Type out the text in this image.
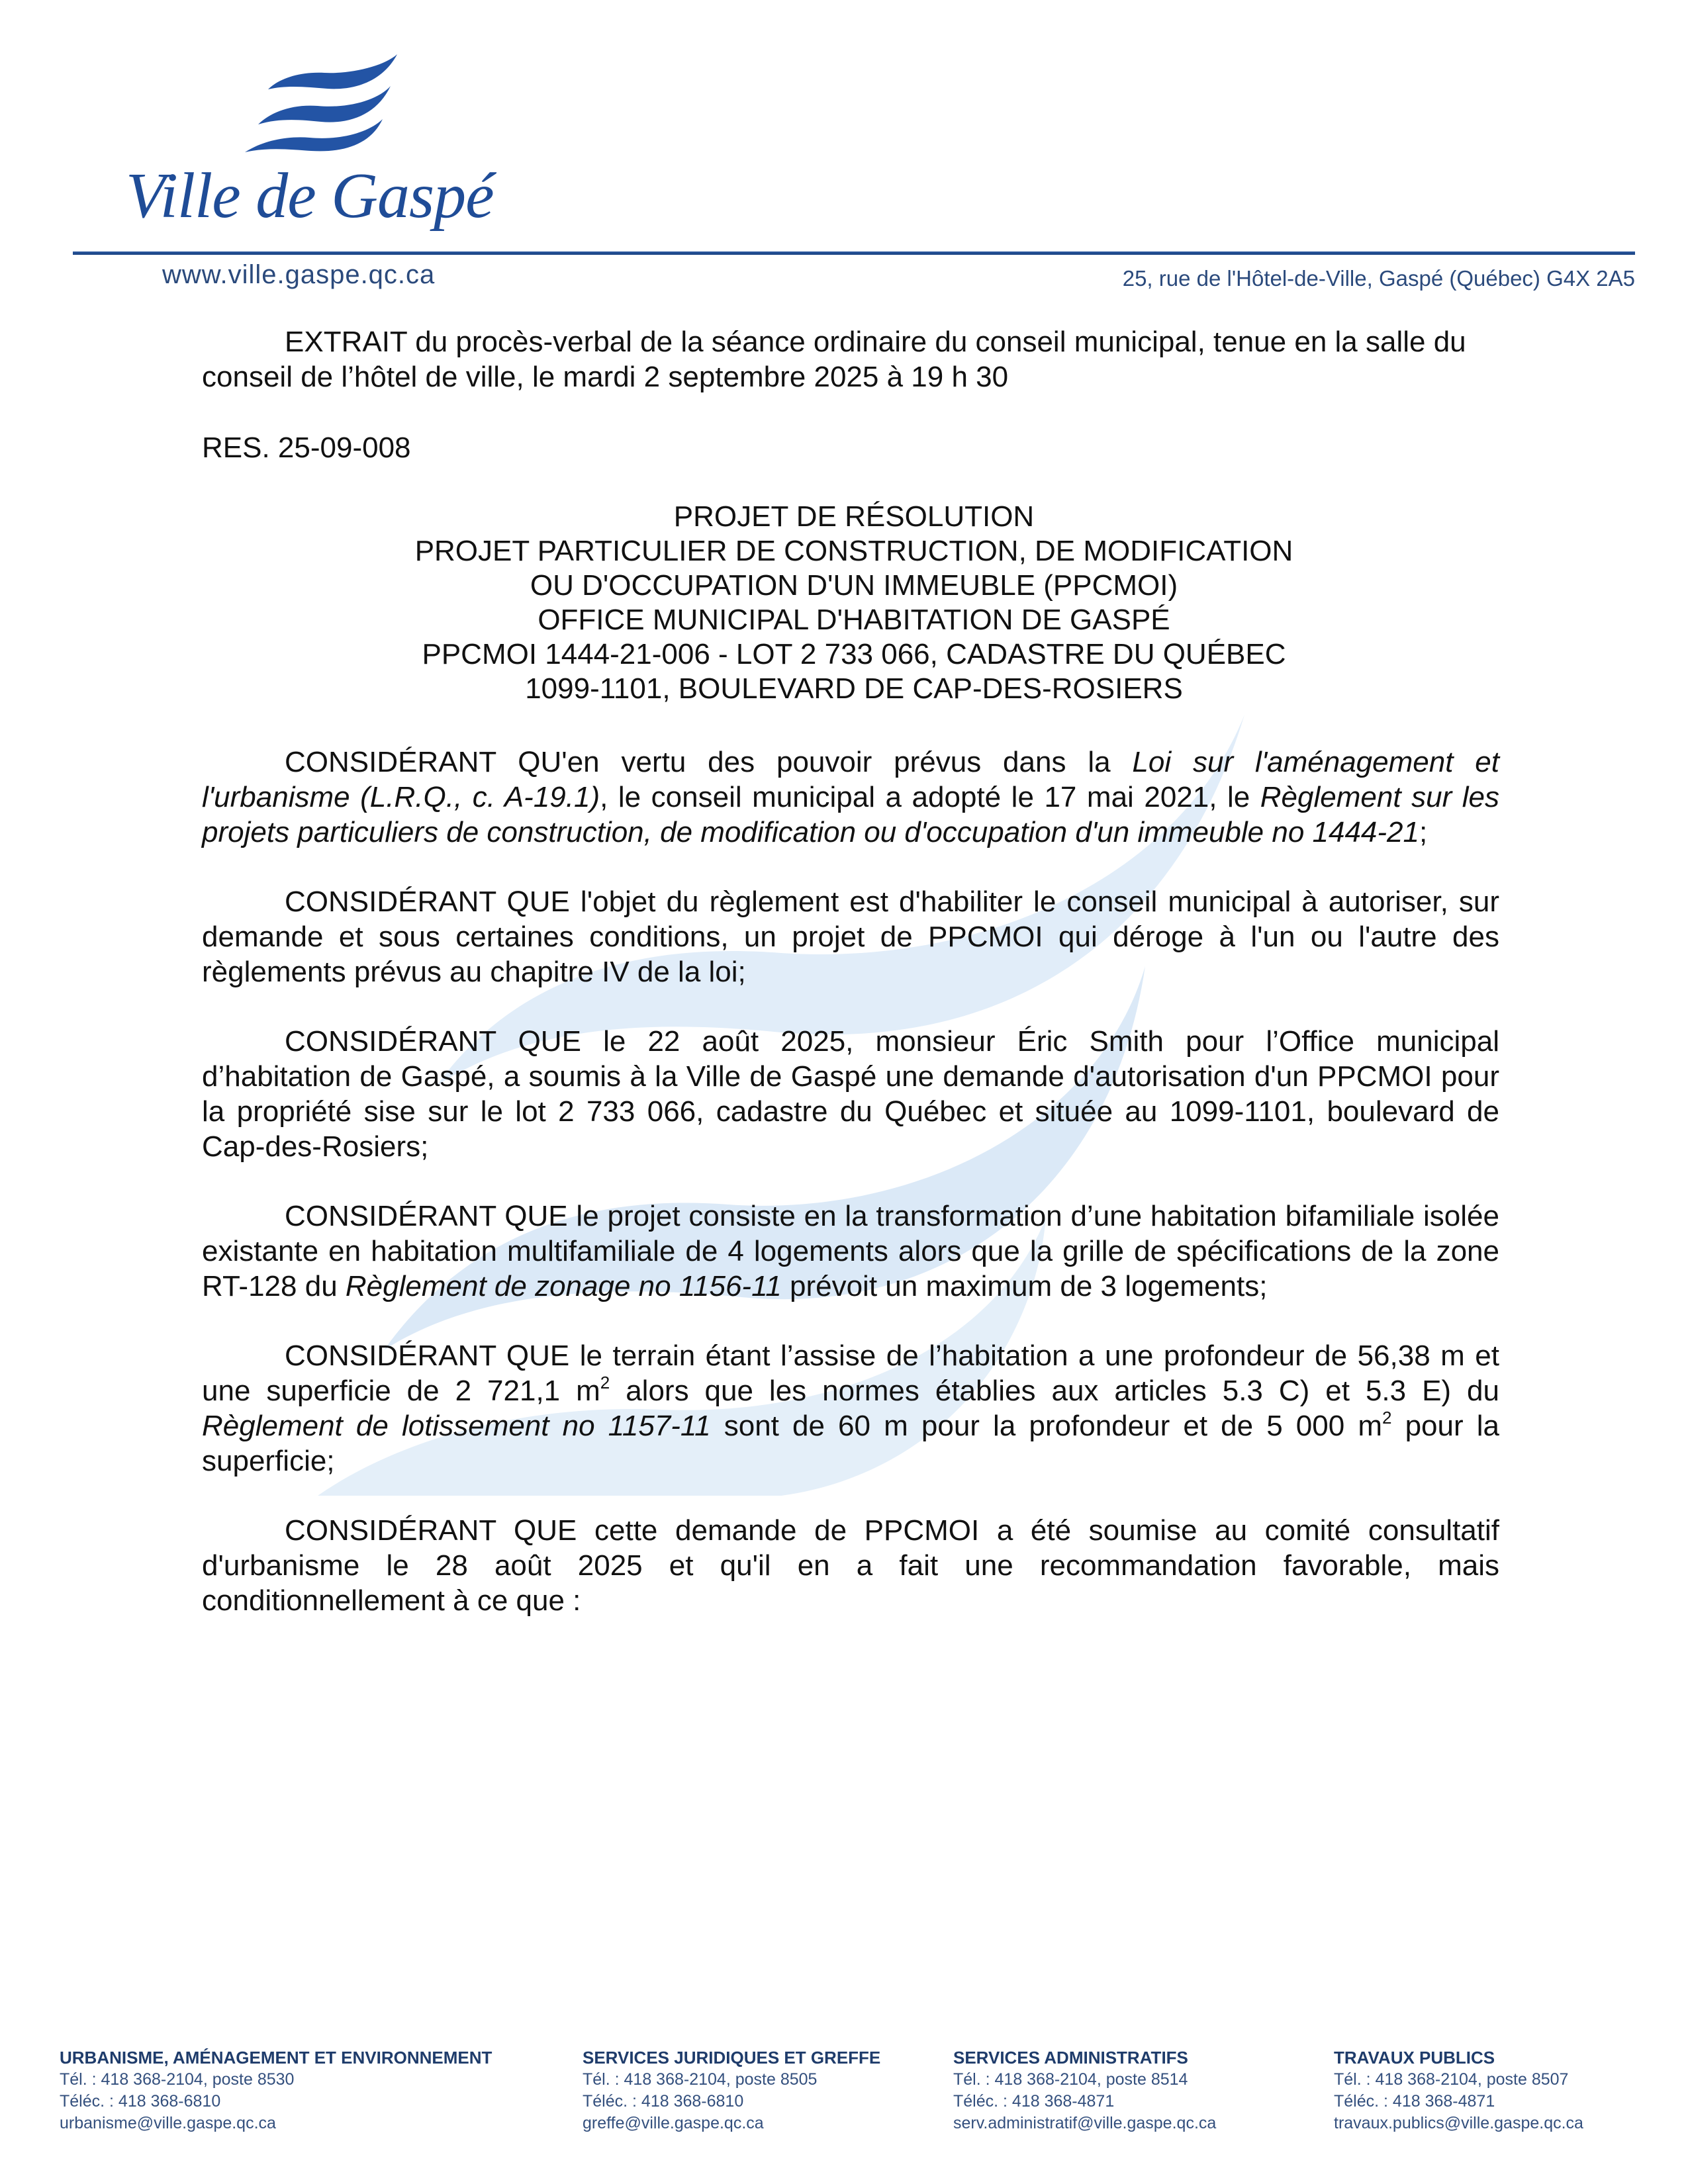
Ville de Gaspé
www.ville.gaspe.qc.ca	25, rue de l'Hôtel-de-Ville, Gaspé (Québec) G4X 2A5

EXTRAIT du procès-verbal de la séance ordinaire du conseil municipal, tenue en la salle du conseil de l’hôtel de ville, le mardi 2 septembre 2025 à 19 h 30

RES. 25-09-008
PROJET DE RÉSOLUTION
PROJET PARTICULIER DE CONSTRUCTION, DE MODIFICATION
OU D'OCCUPATION D'UN IMMEUBLE (PPCMOI)
OFFICE MUNICIPAL D'HABITATION DE GASPÉ
PPCMOI 1444-21-006 - LOT 2 733 066, CADASTRE DU QUÉBEC
1099-1101, BOULEVARD DE CAP-DES-ROSIERS

CONSIDÉRANT QU'en vertu des pouvoir prévus dans la Loi sur l'aménagement et l'urbanisme (L.R.Q., c. A-19.1), le conseil municipal a adopté le 17 mai 2021, le Règlement sur les projets particuliers de construction, de modification ou d'occupation d'un immeuble no 1444-21;

CONSIDÉRANT QUE l'objet du règlement est d'habiliter le conseil municipal à autoriser, sur demande et sous certaines conditions, un projet de PPCMOI qui déroge à l'un ou l'autre des règlements prévus au chapitre IV de la loi;

CONSIDÉRANT QUE le 22 août 2025, monsieur Éric Smith pour l’Office municipal d’habitation de Gaspé, a soumis à la Ville de Gaspé une demande d'autorisation d'un PPCMOI pour la propriété sise sur le lot 2 733 066, cadastre du Québec et située au 1099-1101, boulevard de Cap-des-Rosiers;

CONSIDÉRANT QUE le projet consiste en la transformation d’une habitation bifamiliale isolée existante en habitation multifamiliale de 4 logements alors que la grille de spécifications de la zone RT-128 du Règlement de zonage no 1156-11 prévoit un maximum de 3 logements;

CONSIDÉRANT QUE le terrain étant l’assise de l’habitation a une profondeur de 56,38 m et une superficie de 2 721,1 $m^2$ alors que les normes établies aux articles 5.3 C) et 5.3 E) du Règlement de lotissement no 1157-11 sont de 60 m pour la profondeur et de 5 000 $m^2$ pour la superficie;

CONSIDÉRANT QUE cette demande de PPCMOI a été soumise au comité consultatif d'urbanisme le 28 août 2025 et qu'il en a fait une recommandation favorable, mais conditionnellement à ce que :

URBANISME, AMÉNAGEMENT ET ENVIRONNEMENT
Tél. : 418 368-2104, poste 8530
Téléc. : 418 368-6810
urbanisme@ville.gaspe.qc.ca
SERVICES JURIDIQUES ET GREFFE
Tél. : 418 368-2104, poste 8505
Téléc. : 418 368-6810
greffe@ville.gaspe.qc.ca
SERVICES ADMINISTRATIFS
Tél. : 418 368-2104, poste 8514
Téléc. : 418 368-4871
serv.administratif@ville.gaspe.qc.ca
TRAVAUX PUBLICS
Tél. : 418 368-2104, poste 8507
Téléc. : 418 368-4871
travaux.publics@ville.gaspe.qc.ca
